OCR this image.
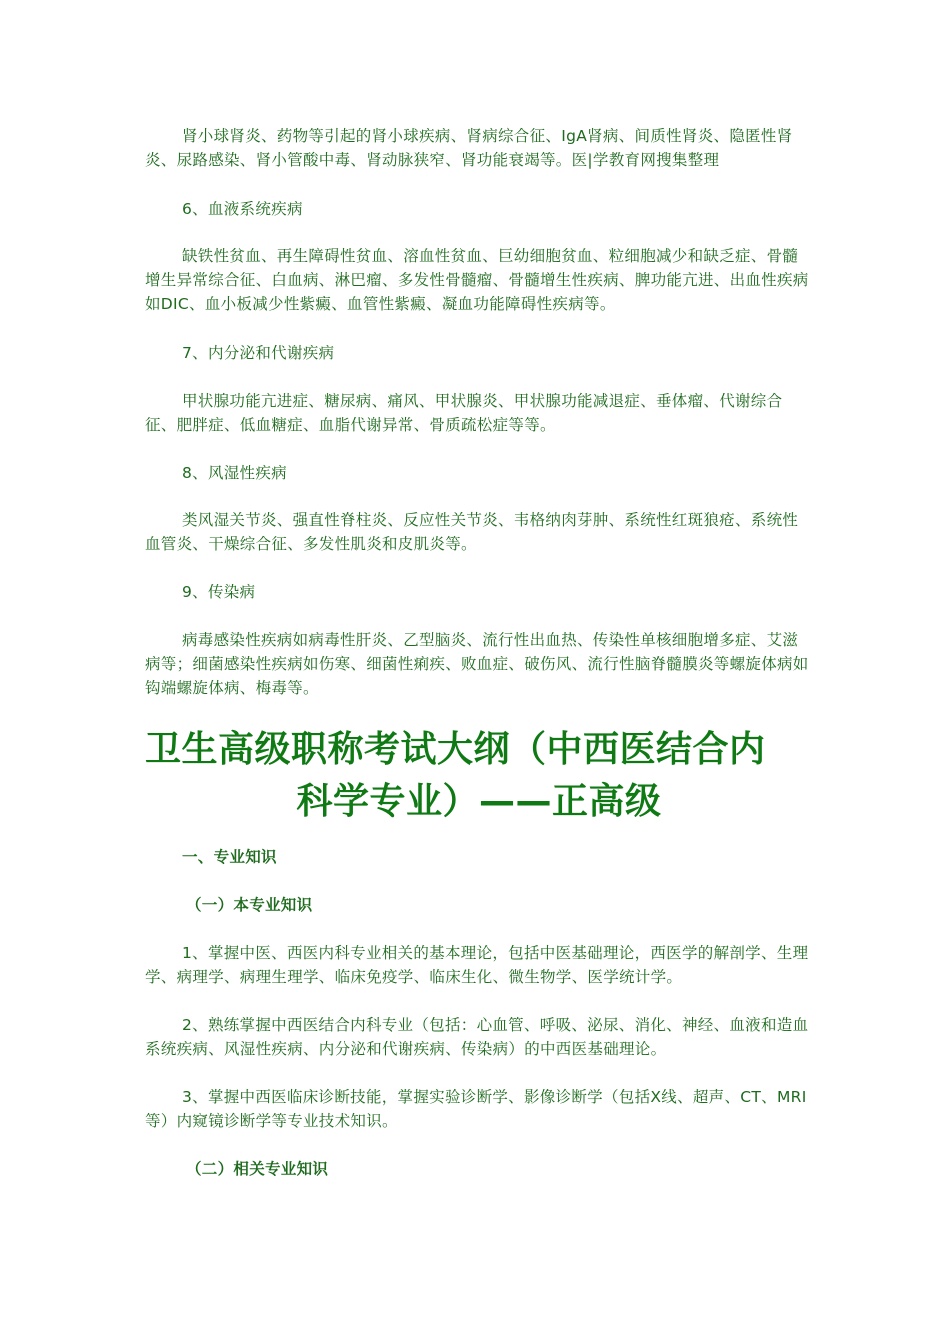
肾小球肾炎、药物等引起的肾小球疾病、肾病综合征、IgA肾病、间质性肾炎、隐匿性肾炎、尿路感染、肾小管酸中毒、肾动脉狭窄、肾功能衰竭等。医|学教育网搜集整理

6、血液系统疾病

缺铁性贫血、再生障碍性贫血、溶血性贫血、巨幼细胞贫血、粒细胞减少和缺乏症、骨髓增生异常综合征、白血病、淋巴瘤、多发性骨髓瘤、骨髓增生性疾病、脾功能亢进、出血性疾病如DIC、血小板减少性紫癜、血管性紫癜、凝血功能障碍性疾病等。

7、内分泌和代谢疾病

甲状腺功能亢进症、糖尿病、痛风、甲状腺炎、甲状腺功能减退症、垂体瘤、代谢综合征、肥胖症、低血糖症、血脂代谢异常、骨质疏松症等等。

8、风湿性疾病

类风湿关节炎、强直性脊柱炎、反应性关节炎、韦格纳肉芽肿、系统性红斑狼疮、系统性血管炎、干燥综合征、多发性肌炎和皮肌炎等。

9、传染病

病毒感染性疾病如病毒性肝炎、乙型脑炎、流行性出血热、传染性单核细胞增多症、艾滋病等；细菌感染性疾病如伤寒、细菌性痢疾、败血症、破伤风、流行性脑脊髓膜炎等螺旋体病如钩端螺旋体病、梅毒等。

卫生高级职称考试大纲（中西医结合内
科学专业）——正高级

一、专业知识

（一）本专业知识

1、掌握中医、西医内科专业相关的基本理论，包括中医基础理论，西医学的解剖学、生理学、病理学、病理生理学、临床免疫学、临床生化、微生物学、医学统计学。

2、熟练掌握中西医结合内科专业（包括：心血管、呼吸、泌尿、消化、神经、血液和造血系统疾病、风湿性疾病、内分泌和代谢疾病、传染病）的中西医基础理论。

3、掌握中西医临床诊断技能，掌握实验诊断学、影像诊断学（包括X线、超声、CT、MRI等）内窥镜诊断学等专业技术知识。

（二）相关专业知识
